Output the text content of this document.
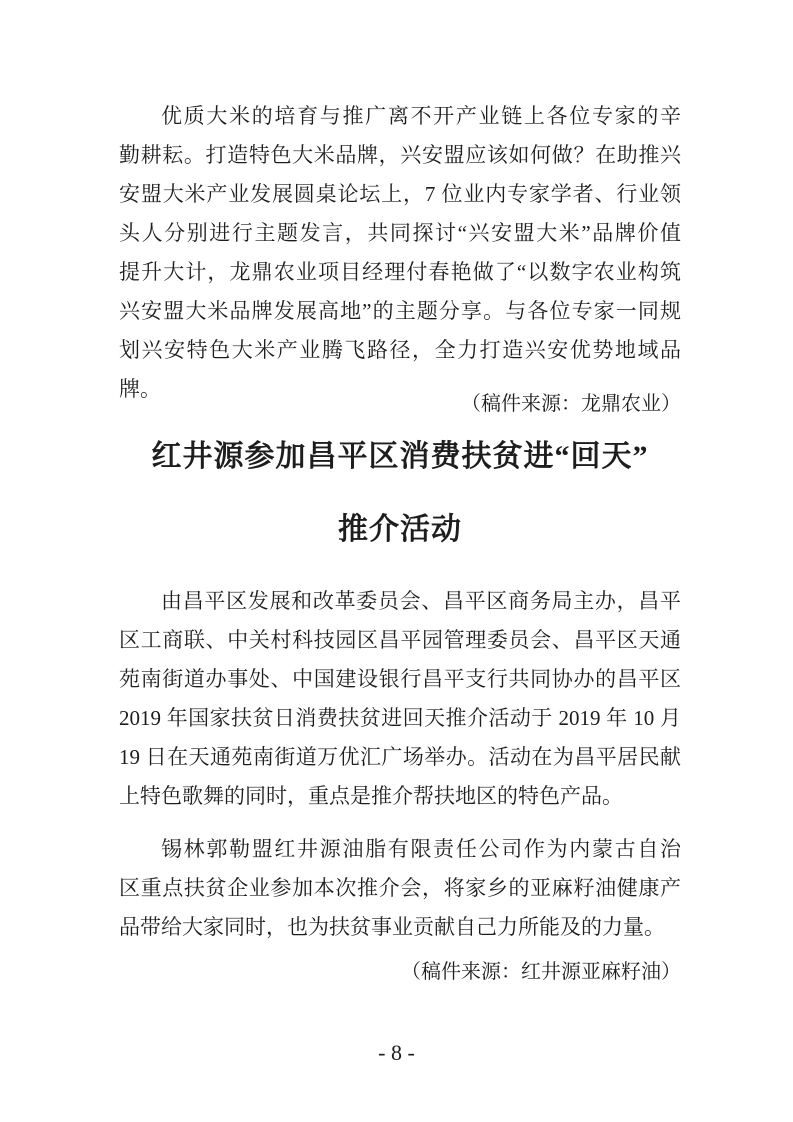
优质大米的培育与推广离不开产业链上各位专家的辛
勤耕耘。打造特色大米品牌，兴安盟应该如何做？在助推兴
安盟大米产业发展圆桌论坛上，7 位业内专家学者、行业领
头人分别进行主题发言，共同探讨“兴安盟大米”品牌价值
提升大计，龙鼎农业项目经理付春艳做了“以数字农业构筑
兴安盟大米品牌发展高地”的主题分享。与各位专家一同规
划兴安特色大米产业腾飞路径，全力打造兴安优势地域品牌。
（稿件来源：龙鼎农业）
红井源参加昌平区消费扶贫进“回天”
推介活动
由昌平区发展和改革委员会、昌平区商务局主办，昌平
区工商联、中关村科技园区昌平园管理委员会、昌平区天通
苑南街道办事处、中国建设银行昌平支行共同协办的昌平区
2019 年国家扶贫日消费扶贫进回天推介活动于 2019 年 10 月
19 日在天通苑南街道万优汇广场举办。活动在为昌平居民献
上特色歌舞的同时，重点是推介帮扶地区的特色产品。
锡林郭勒盟红井源油脂有限责任公司作为内蒙古自治
区重点扶贫企业参加本次推介会，将家乡的亚麻籽油健康产
品带给大家同时，也为扶贫事业贡献自己力所能及的力量。
（稿件来源：红井源亚麻籽油）
- 8 -
